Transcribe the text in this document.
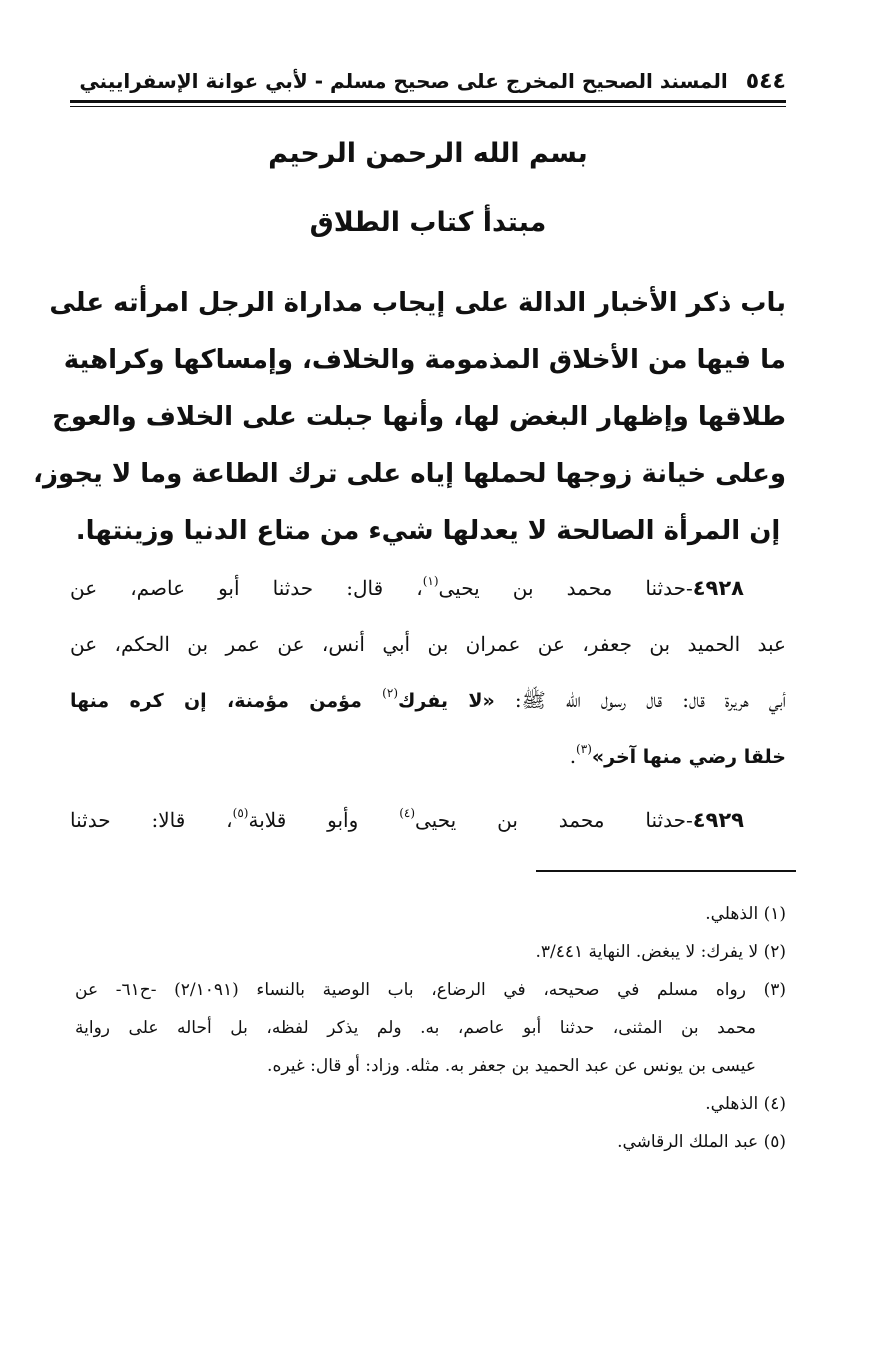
٥٤٤
المسند الصحيح المخرج على صحيح مسلم - لأبي عوانة الإسفراييني
بسم الله الرحمن الرحيم
مبتدأ كتاب الطلاق
باب ذكر الأخبار الدالة على إيجاب مداراة الرجل امرأته على
ما فيها من الأخلاق المذمومة والخلاف، وإمساكها وكراهية
طلاقها وإظهار البغض لها، وأنها جبلت على الخلاف والعوج
وعلى خيانة زوجها لحملها إياه على ترك الطاعة وما لا يجوز،
إن المرأة الصالحة لا يعدلها شيء من متاع الدنيا وزينتها.
٤٩٢٨-حدثنا محمد بن يحيى$^{(١)}$، قال: حدثنا أبو عاصم، عن
عبد الحميد بن جعفر، عن عمران بن أبي أنس، عن عمر بن الحكم، عن
أبي هريرة قال: قال رسول الله ﷺ: «لا يفرك$^{(٢)}$ مؤمن مؤمنة، إن كره منها
خلقا رضي منها آخر»$^{(٣)}$.
٤٩٢٩-حدثنا محمد بن يحيى$^{(٤)}$ وأبو قلابة$^{(٥)}$، قالا: حدثنا
(١) الذهلي.
(٢) لا يفرك: لا يبغض. النهاية ٣/٤٤١.
(٣) رواه مسلم في صحيحه، في الرضاع، باب الوصية بالنساء (٢/١٠٩١) -ح٦١- عن
محمد بن المثنى، حدثنا أبو عاصم، به. ولم يذكر لفظه، بل أحاله على رواية
عيسى بن يونس عن عبد الحميد بن جعفر به. مثله. وزاد: أو قال: غيره.
(٤) الذهلي.
(٥) عبد الملك الرقاشي.
